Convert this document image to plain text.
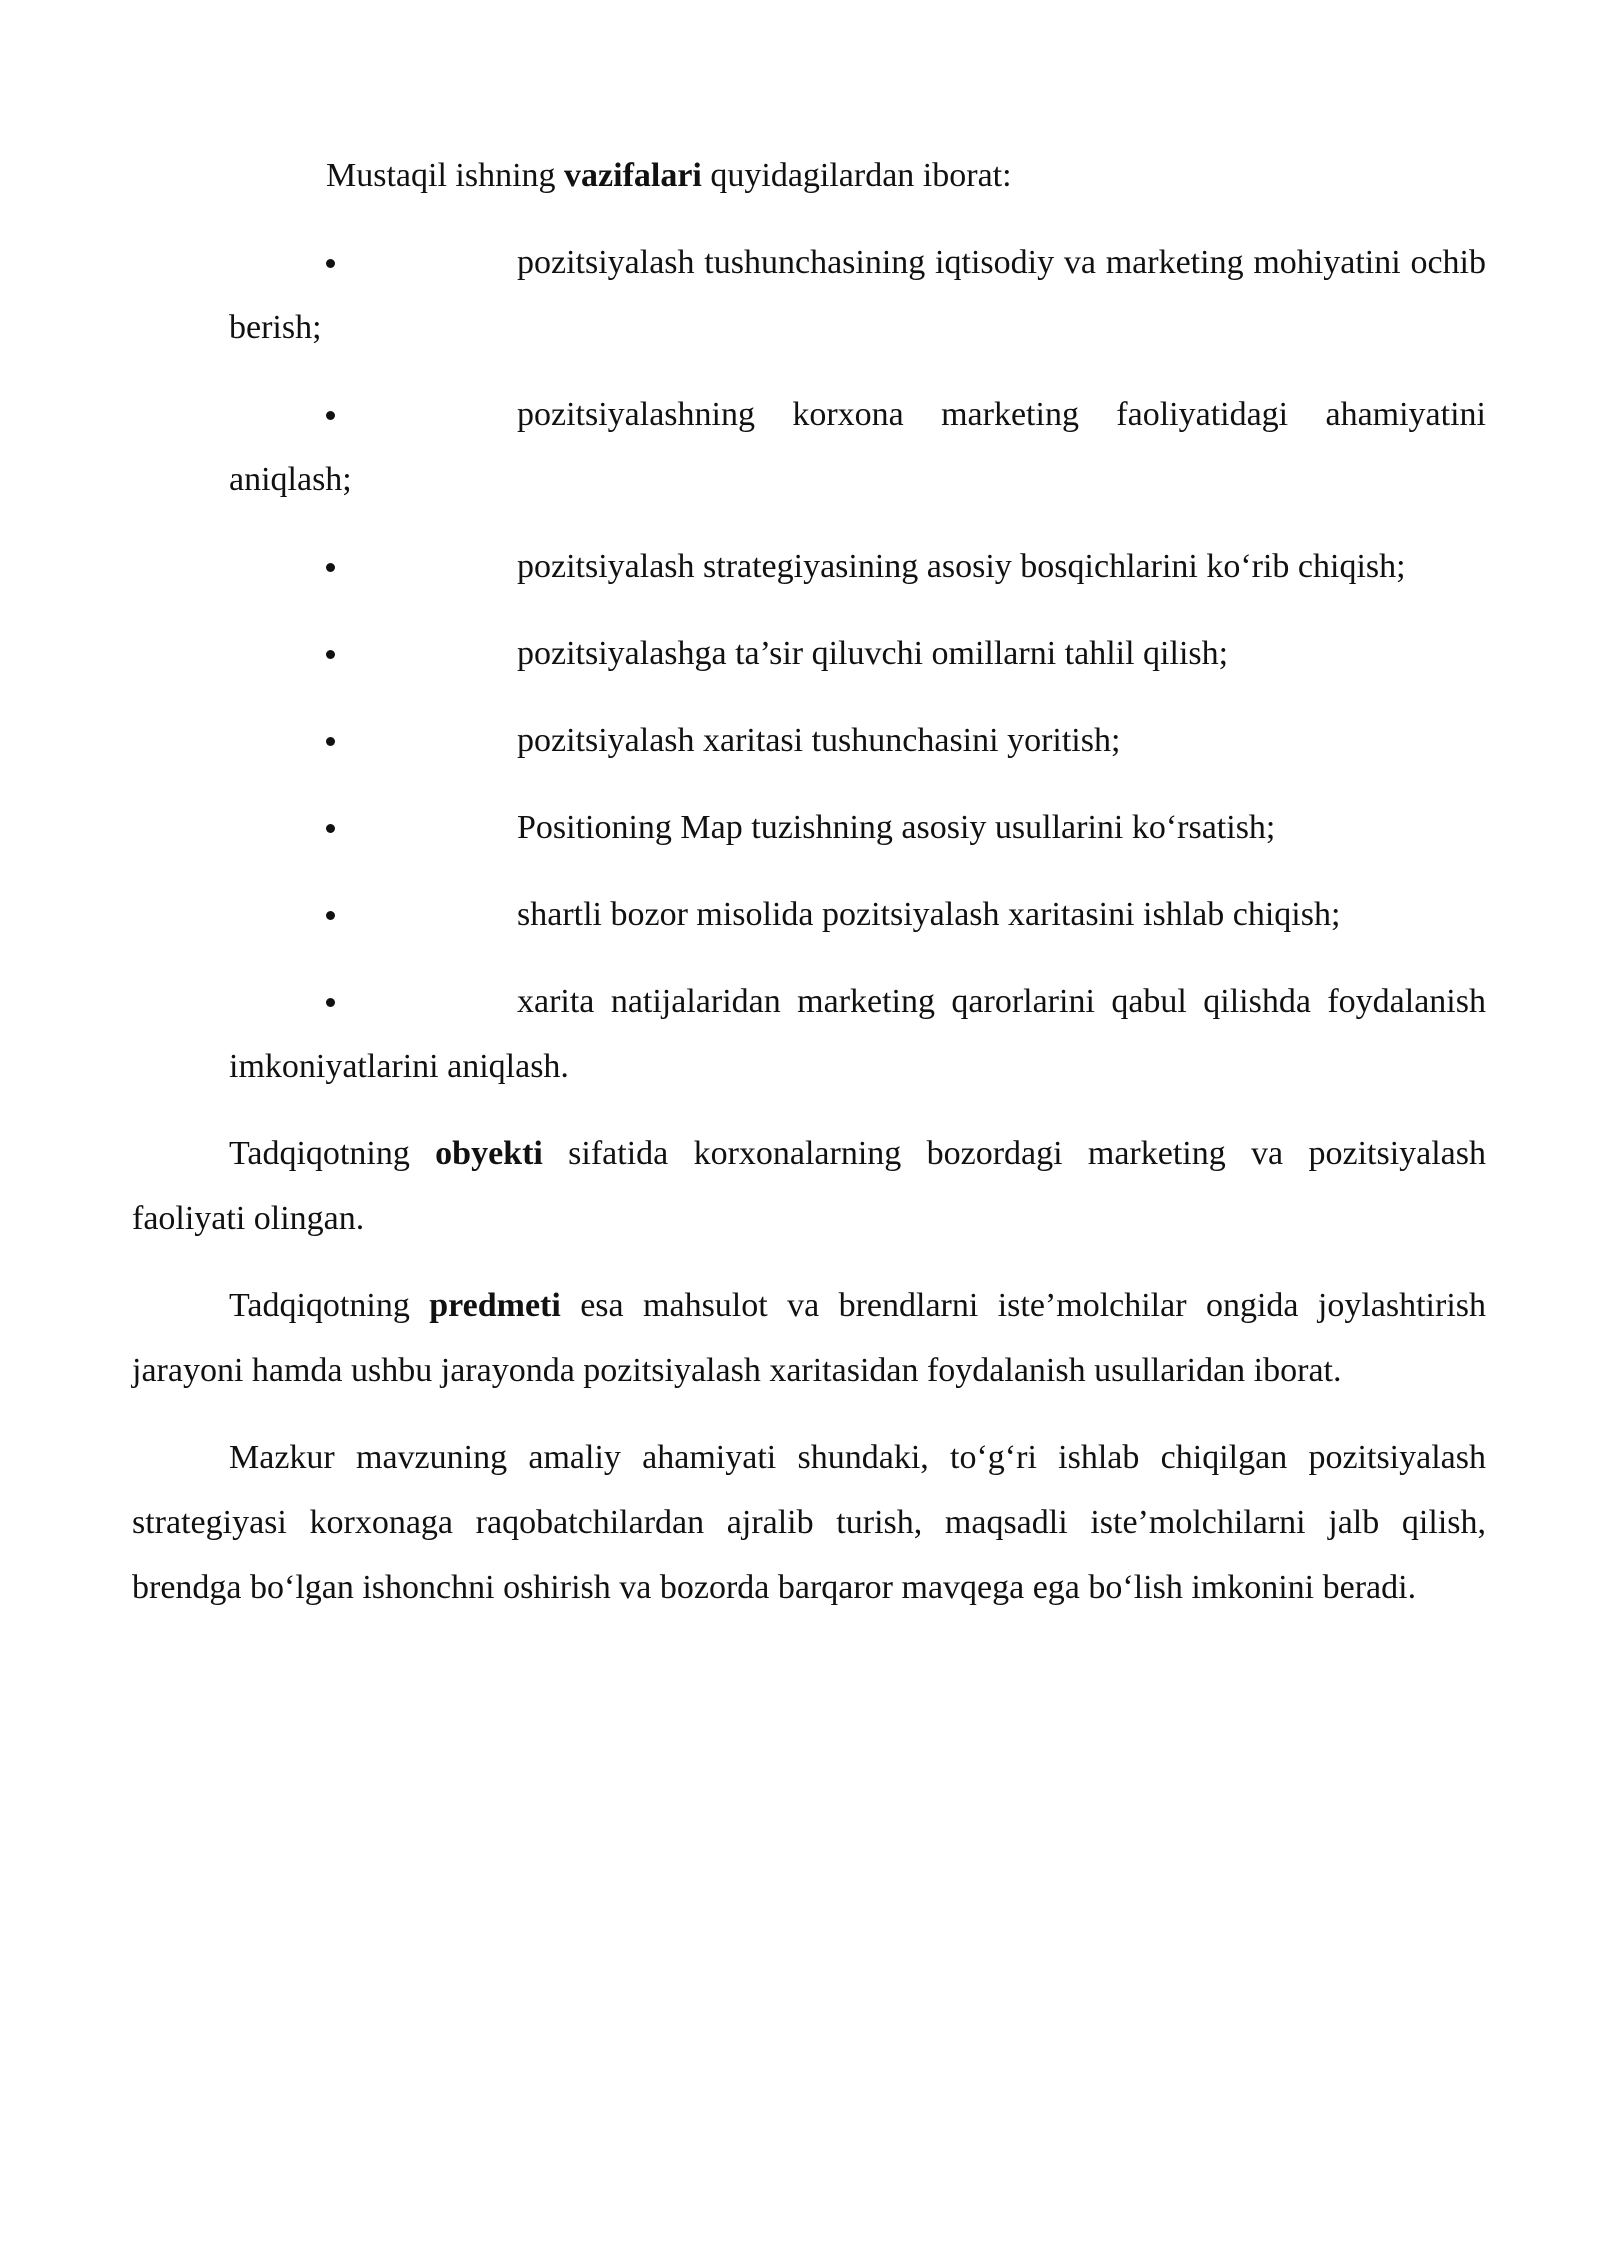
Mustaqil ishning vazifalari quyidagilardan iborat:

pozitsiyalash tushunchasining iqtisodiy va marketing mohiyatini ochib berish;
pozitsiyalashning korxona marketing faoliyatidagi ahamiyatini aniqlash;
pozitsiyalash strategiyasining asosiy bosqichlarini ko‘rib chiqish;
pozitsiyalashga ta’sir qiluvchi omillarni tahlil qilish;
pozitsiyalash xaritasi tushunchasini yoritish;
Positioning Map tuzishning asosiy usullarini ko‘rsatish;
shartli bozor misolida pozitsiyalash xaritasini ishlab chiqish;
xarita natijalaridan marketing qarorlarini qabul qilishda foydalanish imkoniyatlarini aniqlash.

Tadqiqotning obyekti sifatida korxonalarning bozordagi marketing va pozitsiyalash faoliyati olingan.

Tadqiqotning predmeti esa mahsulot va brendlarni iste’molchilar ongida joylashtirish jarayoni hamda ushbu jarayonda pozitsiyalash xaritasidan foydalanish usullaridan iborat.

Mazkur mavzuning amaliy ahamiyati shundaki, to‘g‘ri ishlab chiqilgan pozitsiyalash strategiyasi korxonaga raqobatchilardan ajralib turish, maqsadli iste’molchilarni jalb qilish, brendga bo‘lgan ishonchni oshirish va bozorda barqaror mavqega ega bo‘lish imkonini beradi.
